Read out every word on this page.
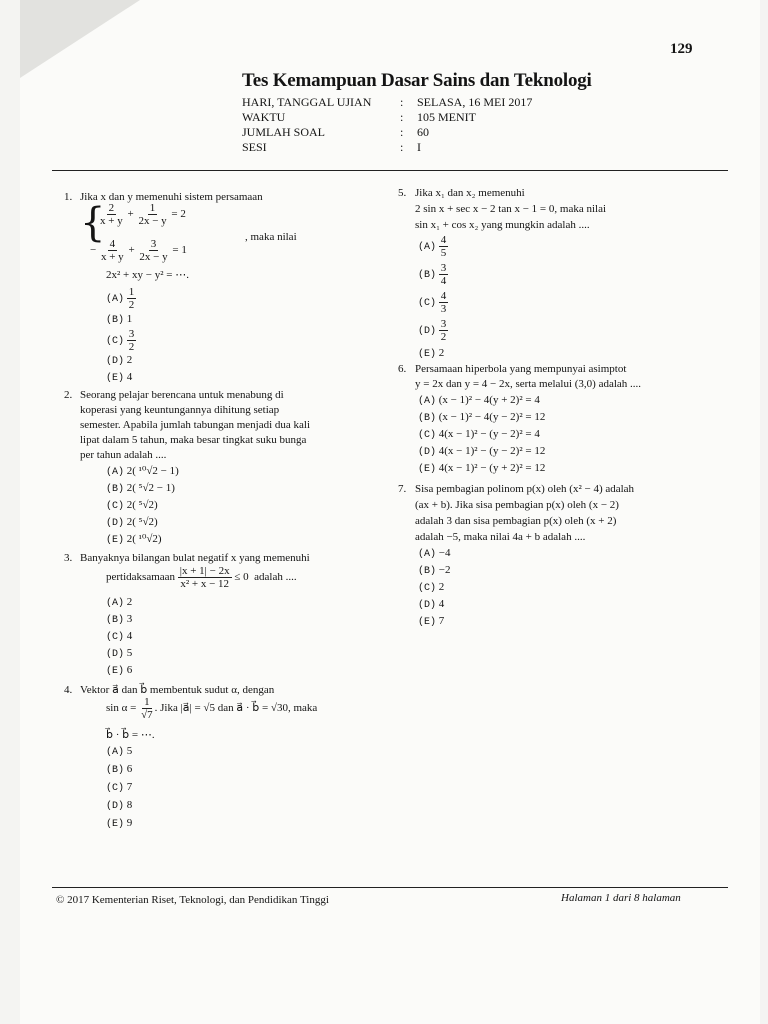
129
Tes Kemampuan Dasar Sains dan Teknologi
HARI, TANGGAL UJIAN : SELASA, 16 MEI 2017
WAKTU	: 105 MENIT
JUMLAH SOAL	: 60
SESI	: I
1. Jika x dan y memenuhi sistem persamaan
{
$\frac{2}{x + y} + \frac{1}{2x - y} = 2$
− $\frac{4}{x + y} + \frac{3}{2x - y} = 1$
, maka nilai
2x² + xy − y² = ⋯.
$(A) \frac{1}{2}$
(B) 1
$(C) \frac{3}{2}$
(D) 2
(E) 4
2. Seorang pelajar berencana untuk menabung di
koperasi yang keuntungannya dihitung setiap
semester. Apabila jumlah tabungan menjadi dua kali
lipat dalam 5 tahun, maka besar tingkat suku bunga
per tahun adalah ....
(A) 2( ¹⁰√2 − 1)
(B) 2( ⁵√2 − 1)
(C) 2( ⁵√2)
(D) 2( ⁵√2)
(E) 2( ¹⁰√2)
3. Banyaknya bilangan bulat negatif x yang memenuhi
pertidaksamaan $\frac{|x + 1| - 2x}{\text{x² + x − 12}} \le 0$ adalah ....
(A) 2
(B) 3
(C) 4
(D) 5
(E) 6
4. Vektor a⃗ dan b⃗ membentuk sudut α, dengan
$\sin \alpha = \frac{1}{√7}$ . Jika |a⃗| = √5 dan a⃗ · b⃗ = √30, maka
b⃗ · b⃗ = ⋯.
(A) 5
(B) 6
(C) 7
(D) 8
(E) 9
5. Jika x₁ dan x₂ memenuhi
2 sin x + sec x − 2 tan x − 1 = 0, maka nilai
sin x₁ + cos x₂ yang mungkin adalah ....
$(A) \frac{4}{5}$
$(B) \frac{3}{4}$
$(C) \frac{4}{3}$
$(D) \frac{3}{2}$
(E) 2
6. Persamaan hiperbola yang mempunyai asimptot
y = 2x dan y = 4 − 2x, serta melalui (3,0) adalah ....
(A) (x − 1)² − 4(y + 2)² = 4
(B) (x − 1)² − 4(y − 2)² = 12
(C) 4(x − 1)² − (y − 2)² = 4
(D) 4(x − 1)² − (y − 2)² = 12
(E) 4(x − 1)² − (y + 2)² = 12
7. Sisa pembagian polinom p(x) oleh (x² − 4) adalah
(ax + b). Jika sisa pembagian p(x) oleh (x − 2)
adalah 3 dan sisa pembagian p(x) oleh (x + 2)
adalah −5, maka nilai 4a + b adalah ....
(A) −4
(B) −2
(C) 2
(D) 4
(E) 7
© 2017 Kementerian Riset, Teknologi, dan Pendidikan Tinggi	Halaman 1 dari 8 halaman
